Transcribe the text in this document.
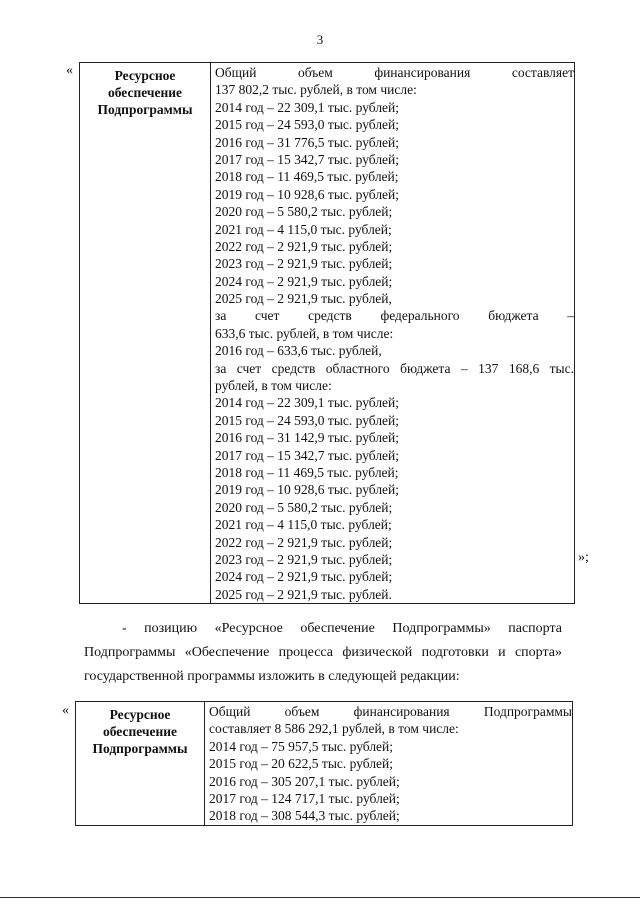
3
«	Ресурсное
обеспечение
Подпрограммы

Общий объем финансирования составляет
137 802,2 тыс. рублей, в том числе:
2014 год – 22 309,1 тыс. рублей;
2015 год – 24 593,0 тыс. рублей;
2016 год – 31 776,5 тыс. рублей;
2017 год – 15 342,7 тыс. рублей;
2018 год – 11 469,5 тыс. рублей;
2019 год – 10 928,6 тыс. рублей;
2020 год – 5 580,2 тыс. рублей;
2021 год – 4 115,0 тыс. рублей;
2022 год – 2 921,9 тыс. рублей;
2023 год – 2 921,9 тыс. рублей;
2024 год – 2 921,9 тыс. рублей;
2025 год – 2 921,9 тыс. рублей,
за счет средств федерального бюджета –
633,6 тыс. рублей, в том числе:
2016 год – 633,6 тыс. рублей,
за счет средств областного бюджета – 137 168,6 тыс.
рублей, в том числе:
2014 год – 22 309,1 тыс. рублей;
2015 год – 24 593,0 тыс. рублей;
2016 год – 31 142,9 тыс. рублей;
2017 год – 15 342,7 тыс. рублей;
2018 год – 11 469,5 тыс. рублей;
2019 год – 10 928,6 тыс. рублей;
2020 год – 5 580,2 тыс. рублей;
2021 год – 4 115,0 тыс. рублей;
2022 год – 2 921,9 тыс. рублей;
2023 год – 2 921,9 тыс. рублей;
2024 год – 2 921,9 тыс. рублей;
2025 год – 2 921,9 тыс. рублей.
»;
- позицию «Ресурсное обеспечение Подпрограммы» паспорта
Подпрограммы «Обеспечение процесса физической подготовки и спорта»
государственной программы изложить в следующей редакции:
«	Ресурсное
обеспечение
Подпрограммы

Общий объем финансирования Подпрограммы
составляет 8 586 292,1 рублей, в том числе:
2014 год – 75 957,5 тыс. рублей;
2015 год – 20 622,5 тыс. рублей;
2016 год – 305 207,1 тыс. рублей;
2017 год – 124 717,1 тыс. рублей;
2018 год – 308 544,3 тыс. рублей;
